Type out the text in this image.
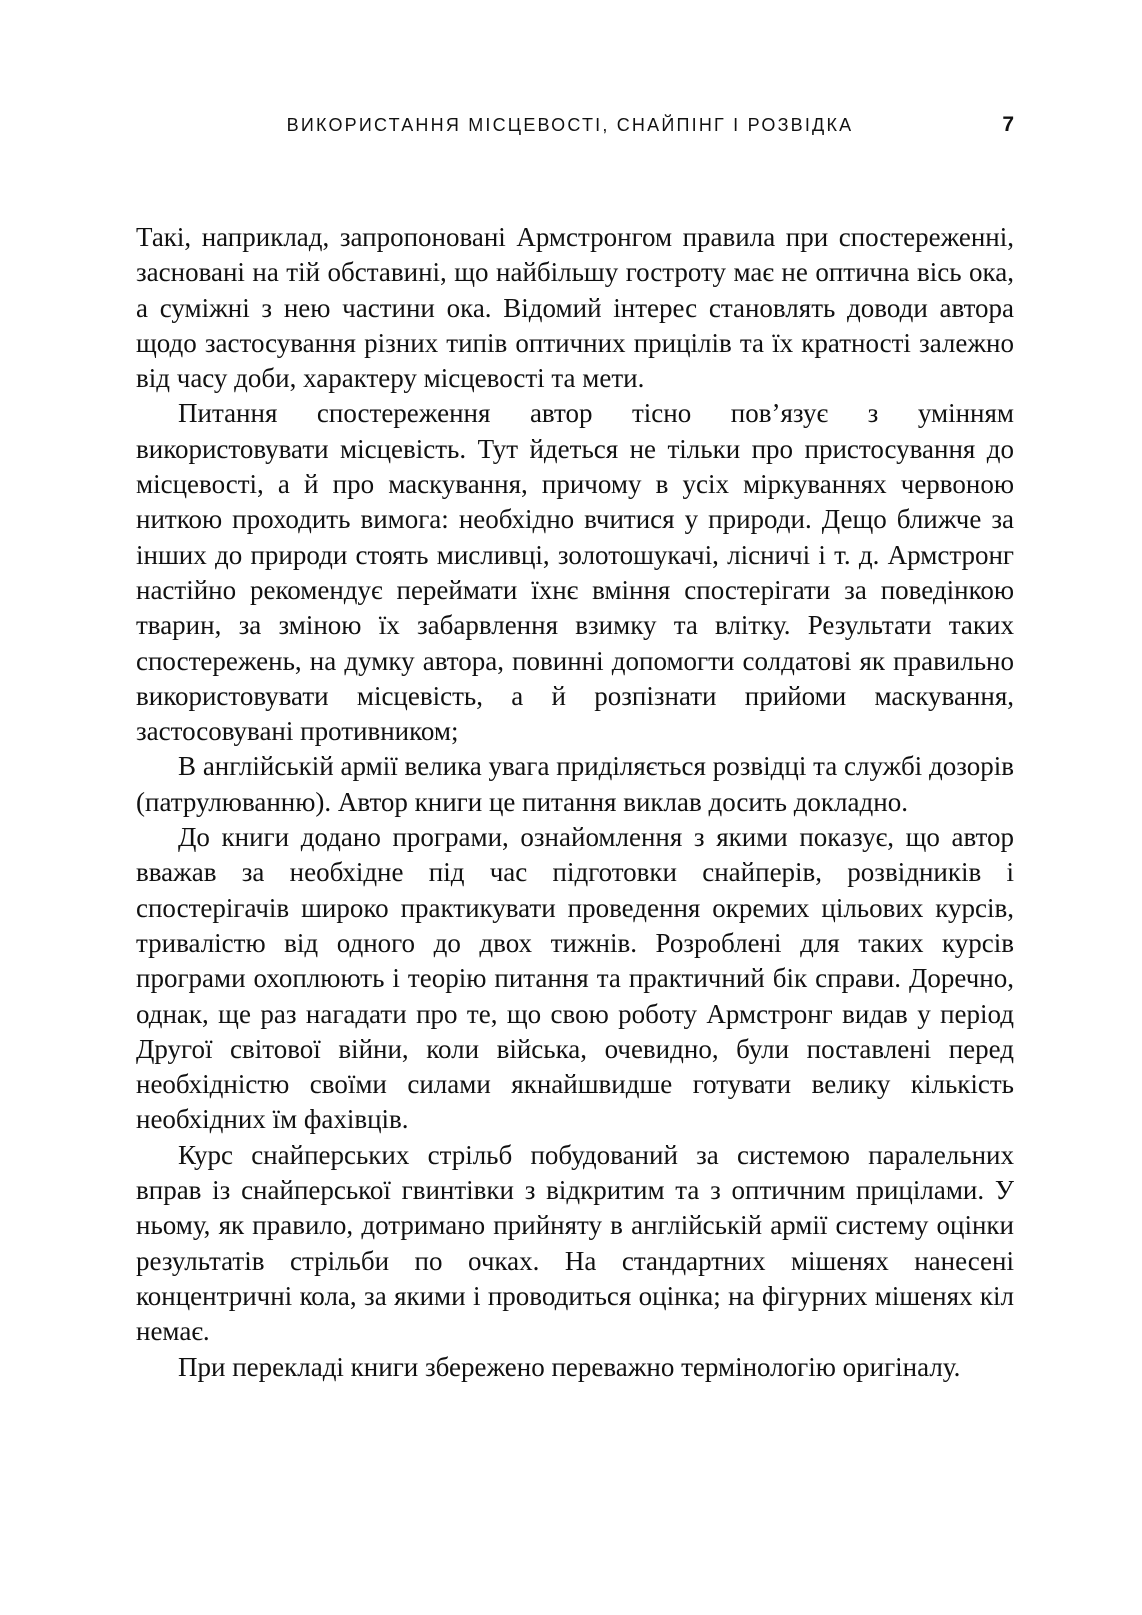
ВИКОРИСТАННЯ МІСЦЕВОСТІ, СНАЙПІНГ І РОЗВІДКА	7

Такі, наприклад, запропоновані Армстронгом правила при спостереженні, засновані на тій обставині, що найбільшу гостроту має не оптична вісь ока, а суміжні з нею частини ока. Відомий інтерес становлять доводи автора щодо застосування різних типів оптичних прицілів та їх кратності залежно від часу доби, характеру місцевості та мети.

Питання спостереження автор тісно пов’язує з умінням використовувати місцевість. Тут йдеться не тільки про пристосування до місцевості, а й про маскування, причому в усіх міркуваннях червоною ниткою проходить вимога: необхідно вчитися у природи. Дещо ближче за інших до природи стоять мисливці, золотошукачі, лісничі і т. д. Армстронг настійно рекомендує переймати їхнє вміння спостерігати за поведінкою тварин, за зміною їх забарвлення взимку та влітку. Результати таких спостережень, на думку автора, повинні допомогти солдатові як правильно використовувати місцевість, а й розпізнати прийоми маскування, застосовувані противником;

В англійській армії велика увага приділяється розвідці та службі дозорів (патрулюванню). Автор книги це питання виклав досить докладно.

До книги додано програми, ознайомлення з якими показує, що автор вважав за необхідне під час підготовки снайперів, розвідників і спостерігачів широко практикувати проведення окремих цільових курсів, тривалістю від одного до двох тижнів. Розроблені для таких курсів програми охоплюють і теорію питання та практичний бік справи. Доречно, однак, ще раз нагадати про те, що свою роботу Армстронг видав у період Другої світової війни, коли війська, очевидно, були поставлені перед необхідністю своїми силами якнайшвидше готувати велику кількість необхідних їм фахівців.

Курс снайперських стрільб побудований за системою паралельних вправ із снайперської гвинтівки з відкритим та з оптичним прицілами. У ньому, як правило, дотримано прийняту в англійській армії систему оцінки результатів стрільби по очках. На стандартних мішенях нанесені концентричні кола, за якими і проводиться оцінка; на фігурних мішенях кіл немає.

При перекладі книги збережено переважно термінологію оригіналу.
